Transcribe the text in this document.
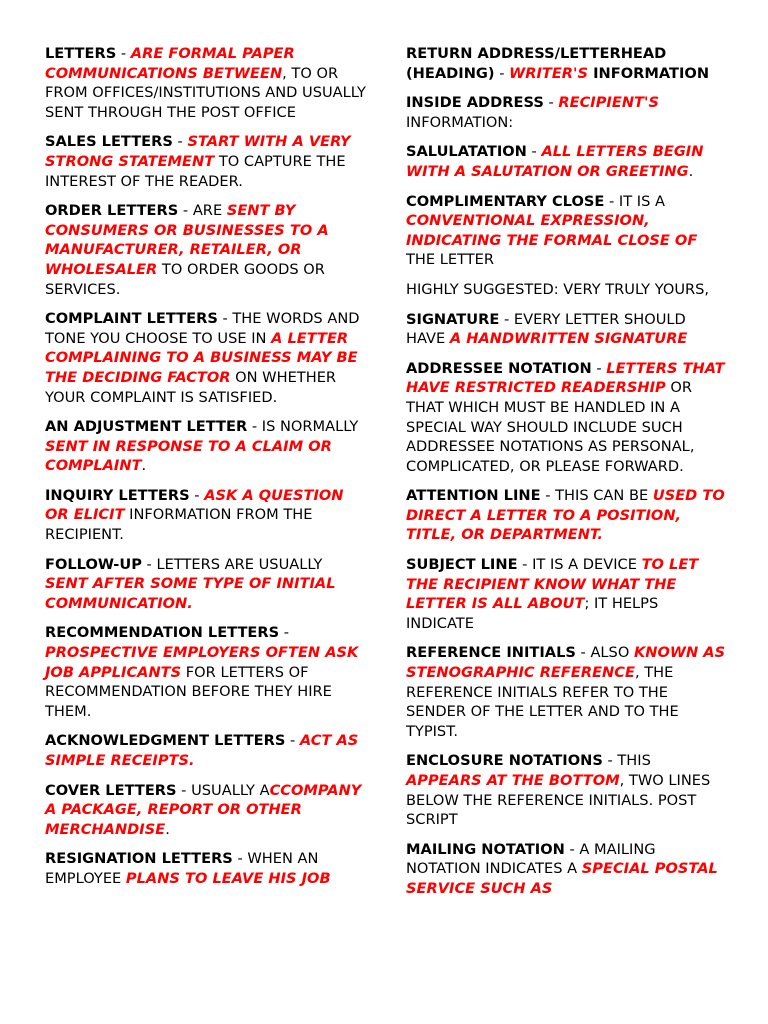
LETTERS - ARE FORMAL PAPER COMMUNICATIONS BETWEEN, TO OR FROM OFFICES/INSTITUTIONS AND USUALLY SENT THROUGH THE POST OFFICE

SALES LETTERS - START WITH A VERY STRONG STATEMENT TO CAPTURE THE INTEREST OF THE READER.

ORDER LETTERS - ARE SENT BY CONSUMERS OR BUSINESSES TO A MANUFACTURER, RETAILER, OR WHOLESALER TO ORDER GOODS OR SERVICES.

COMPLAINT LETTERS - THE WORDS AND TONE YOU CHOOSE TO USE IN A LETTER COMPLAINING TO A BUSINESS MAY BE THE DECIDING FACTOR ON WHETHER YOUR COMPLAINT IS SATISFIED.

AN ADJUSTMENT LETTER - IS NORMALLY SENT IN RESPONSE TO A CLAIM OR COMPLAINT.

INQUIRY LETTERS - ASK A QUESTION OR ELICIT INFORMATION FROM THE RECIPIENT.

FOLLOW-UP - LETTERS ARE USUALLY SENT AFTER SOME TYPE OF INITIAL COMMUNICATION.

RECOMMENDATION LETTERS - PROSPECTIVE EMPLOYERS OFTEN ASK JOB APPLICANTS FOR LETTERS OF RECOMMENDATION BEFORE THEY HIRE THEM.

ACKNOWLEDGMENT LETTERS - ACT AS SIMPLE RECEIPTS.

COVER LETTERS - USUALLY ACCOMPANY A PACKAGE, REPORT OR OTHER MERCHANDISE.

RESIGNATION LETTERS - WHEN AN EMPLOYEE PLANS TO LEAVE HIS JOB

RETURN ADDRESS/LETTERHEAD (HEADING) - WRITER'S INFORMATION

INSIDE ADDRESS - RECIPIENT'S INFORMATION:

SALULATATION - ALL LETTERS BEGIN WITH A SALUTATION OR GREETING.

COMPLIMENTARY CLOSE - IT IS A CONVENTIONAL EXPRESSION, INDICATING THE FORMAL CLOSE OF THE LETTER

HIGHLY SUGGESTED: VERY TRULY YOURS,

SIGNATURE - EVERY LETTER SHOULD HAVE A HANDWRITTEN SIGNATURE

ADDRESSEE NOTATION - LETTERS THAT HAVE RESTRICTED READERSHIP OR THAT WHICH MUST BE HANDLED IN A SPECIAL WAY SHOULD INCLUDE SUCH ADDRESSEE NOTATIONS AS PERSONAL, COMPLICATED, OR PLEASE FORWARD.

ATTENTION LINE - THIS CAN BE USED TO DIRECT A LETTER TO A POSITION, TITLE, OR DEPARTMENT.

SUBJECT LINE - IT IS A DEVICE TO LET THE RECIPIENT KNOW WHAT THE LETTER IS ALL ABOUT; IT HELPS INDICATE

REFERENCE INITIALS - ALSO KNOWN AS STENOGRAPHIC REFERENCE, THE REFERENCE INITIALS REFER TO THE SENDER OF THE LETTER AND TO THE TYPIST.

ENCLOSURE NOTATIONS - THIS APPEARS AT THE BOTTOM, TWO LINES BELOW THE REFERENCE INITIALS. POST SCRIPT

MAILING NOTATION - A MAILING NOTATION INDICATES A SPECIAL POSTAL SERVICE SUCH AS
